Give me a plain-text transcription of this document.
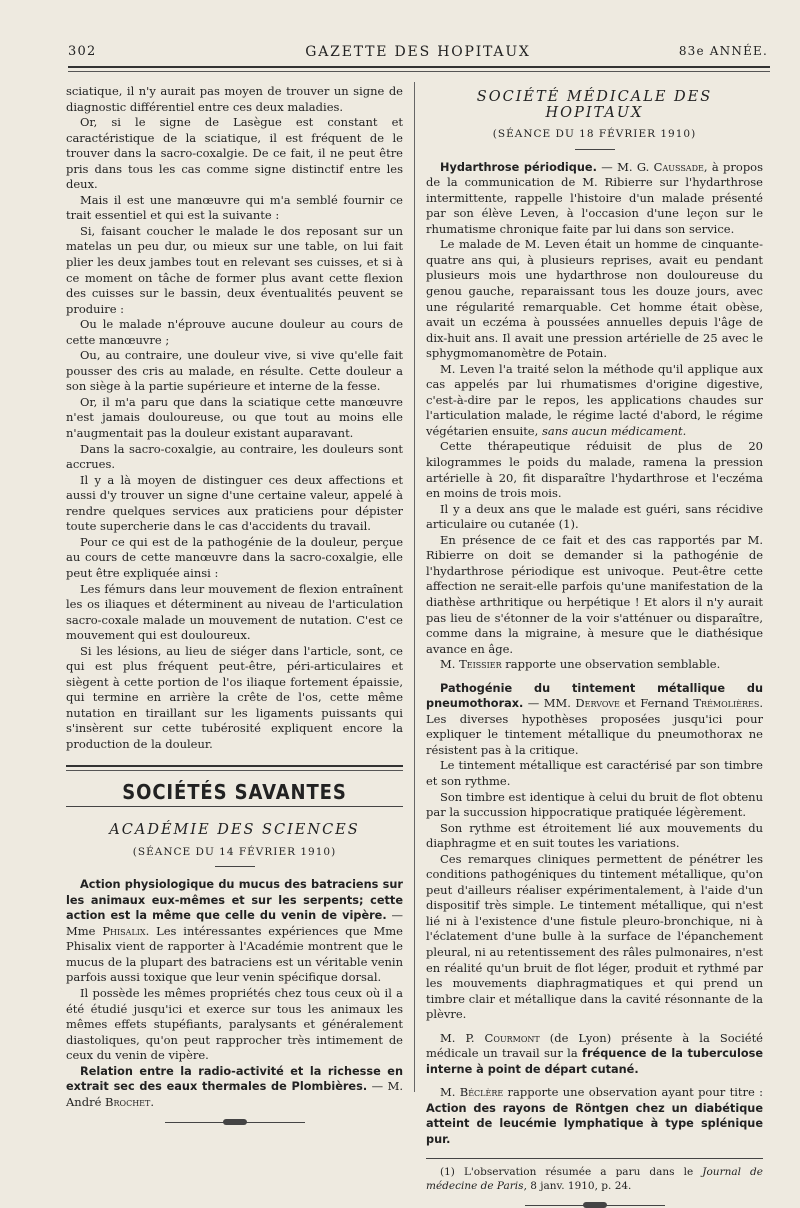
302	GAZETTE DES HOPITAUX	83e ANNÉE.

sciatique, il n'y aurait pas moyen de trouver un signe de diagnostic différentiel entre ces deux maladies.

Or, si le signe de Lasègue est constant et caractéristique de la sciatique, il est fréquent de le trouver dans la sacro-coxalgie. De ce fait, il ne peut être pris dans tous les cas comme signe distinctif entre les deux.

Mais il est une manœuvre qui m'a semblé fournir ce trait essentiel et qui est la suivante :

Si, faisant coucher le malade le dos reposant sur un matelas un peu dur, ou mieux sur une table, on lui fait plier les deux jambes tout en relevant ses cuisses, et si à ce moment on tâche de former plus avant cette flexion des cuisses sur le bassin, deux éventualités peuvent se produire :

Ou le malade n'éprouve aucune douleur au cours de cette manœuvre ;

Ou, au contraire, une douleur vive, si vive qu'elle fait pousser des cris au malade, en résulte. Cette douleur a son siège à la partie supérieure et interne de la fesse.

Or, il m'a paru que dans la sciatique cette manœuvre n'est jamais douloureuse, ou que tout au moins elle n'augmentait pas la douleur existant auparavant.

Dans la sacro-coxalgie, au contraire, les douleurs sont accrues.

Il y a là moyen de distinguer ces deux affections et aussi d'y trouver un signe d'une certaine valeur, appelé à rendre quelques services aux praticiens pour dépister toute supercherie dans le cas d'accidents du travail.

Pour ce qui est de la pathogénie de la douleur, perçue au cours de cette manœuvre dans la sacro-coxalgie, elle peut être expliquée ainsi :

Les fémurs dans leur mouvement de flexion entraînent les os iliaques et déterminent au niveau de l'articulation sacro-coxale malade un mouvement de nutation. C'est ce mouvement qui est douloureux.

Si les lésions, au lieu de siéger dans l'article, sont, ce qui est plus fréquent peut-être, péri-articulaires et siègent à cette portion de l'os iliaque fortement épaissie, qui termine en arrière la crête de l'os, cette même nutation en tiraillant sur les ligaments puissants qui s'insèrent sur cette tubérosité expliquent encore la production de la douleur.

SOCIÉTÉS SAVANTES
ACADÉMIE DES SCIENCES
(SÉANCE DU 14 FÉVRIER 1910)

Action physiologique du mucus des batraciens sur les animaux eux-mêmes et sur les serpents; cette action est la même que celle du venin de vipère. — Mme Phisalix. Les intéressantes expériences que Mme Phisalix vient de rapporter à l'Académie montrent que le mucus de la plupart des batraciens est un véritable venin parfois aussi toxique que leur venin spécifique dorsal.

Il possède les mêmes propriétés chez tous ceux où il a été étudié jusqu'ici et exerce sur tous les animaux les mêmes effets stupéfiants, paralysants et généralement diastoliques, qu'on peut rapprocher très intimement de ceux du venin de vipère.

Relation entre la radio-activité et la richesse en extrait sec des eaux thermales de Plombières. — M. André Brochet.

SOCIÉTÉ MÉDICALE DES HOPITAUX
(SÉANCE DU 18 FÉVRIER 1910)

Hydarthrose périodique. — M. G. Caussade, à propos de la communication de M. Ribierre sur l'hydarthrose intermittente, rappelle l'histoire d'un malade présenté par son élève Leven, à l'occasion d'une leçon sur le rhumatisme chronique faite par lui dans son service.

Le malade de M. Leven était un homme de cinquante-quatre ans qui, à plusieurs reprises, avait eu pendant plusieurs mois une hydarthrose non douloureuse du genou gauche, reparaissant tous les douze jours, avec une régularité remarquable. Cet homme était obèse, avait un eczéma à poussées annuelles depuis l'âge de dix-huit ans. Il avait une pression artérielle de 25 avec le sphygmomanomètre de Potain.

M. Leven l'a traité selon la méthode qu'il applique aux cas appelés par lui rhumatismes d'origine digestive, c'est-à-dire par le repos, les applications chaudes sur l'articulation malade, le régime lacté d'abord, le régime végétarien ensuite, sans aucun médicament.

Cette thérapeutique réduisit de plus de 20 kilogrammes le poids du malade, ramena la pression artérielle à 20, fit disparaître l'hydarthrose et l'eczéma en moins de trois mois.

Il y a deux ans que le malade est guéri, sans récidive articulaire ou cutanée (1).

En présence de ce fait et des cas rapportés par M. Ribierre on doit se demander si la pathogénie de l'hydarthrose périodique est univoque. Peut-être cette affection ne serait-elle parfois qu'une manifestation de la diathèse arthritique ou herpétique ! Et alors il n'y aurait pas lieu de s'étonner de la voir s'atténuer ou disparaître, comme dans la migraine, à mesure que le diathésique avance en âge.

M. Teissier rapporte une observation semblable.

Pathogénie du tintement métallique du pneumothorax. — MM. Dervove et Fernand Trémolières. Les diverses hypothèses proposées jusqu'ici pour expliquer le tintement métallique du pneumothorax ne résistent pas à la critique.

Le tintement métallique est caractérisé par son timbre et son rythme.

Son timbre est identique à celui du bruit de flot obtenu par la succussion hippocratique pratiquée légèrement.

Son rythme est étroitement lié aux mouvements du diaphragme et en suit toutes les variations.

Ces remarques cliniques permettent de pénétrer les conditions pathogéniques du tintement métallique, qu'on peut d'ailleurs réaliser expérimentalement, à l'aide d'un dispositif très simple. Le tintement métallique, qui n'est lié ni à l'existence d'une fistule pleuro-bronchique, ni à l'éclatement d'une bulle à la surface de l'épanchement pleural, ni au retentissement des râles pulmonaires, n'est en réalité qu'un bruit de flot léger, produit et rythmé par les mouvements diaphragmatiques et qui prend un timbre clair et métallique dans la cavité résonnante de la plèvre.

M. P. Courmont (de Lyon) présente à la Société médicale un travail sur la fréquence de la tuberculose interne à point de départ cutané.

M. Béclère rapporte une observation ayant pour titre : Action des rayons de Röntgen chez un diabétique atteint de leucémie lymphatique à type splénique pur.

(1) L'observation résumée a paru dans le Journal de médecine de Paris, 8 janv. 1910, p. 24.
